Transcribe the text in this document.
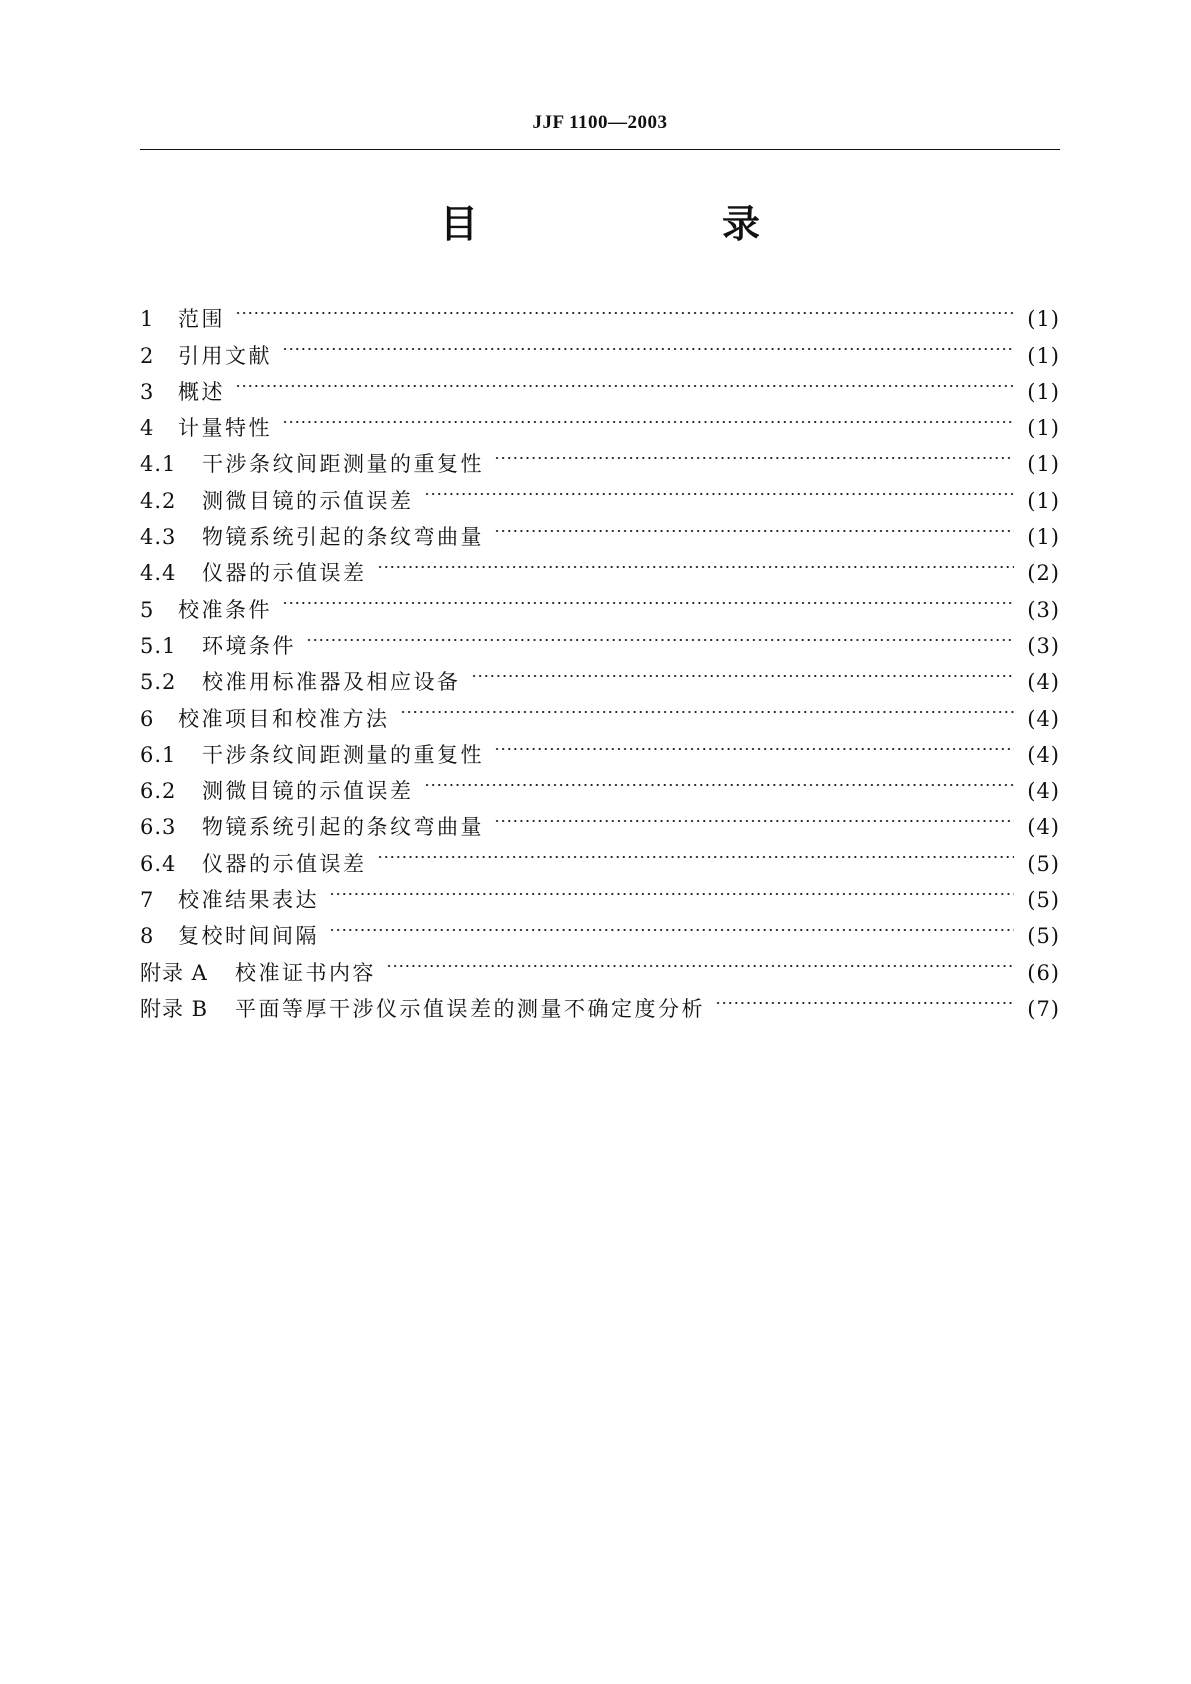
JJF 1100—2003
目　　录
1	范围	(1)
2	引用文献	(1)
3	概述	(1)
4	计量特性	(1)
4.1	干涉条纹间距测量的重复性	(1)
4.2	测微目镜的示值误差	(1)
4.3	物镜系统引起的条纹弯曲量	(1)
4.4	仪器的示值误差	(2)
5	校准条件	(3)
5.1	环境条件	(3)
5.2	校准用标准器及相应设备	(4)
6	校准项目和校准方法	(4)
6.1	干涉条纹间距测量的重复性	(4)
6.2	测微目镜的示值误差	(4)
6.3	物镜系统引起的条纹弯曲量	(4)
6.4	仪器的示值误差	(5)
7	校准结果表达	(5)
8	复校时间间隔	(5)
附录 A	校准证书内容	(6)
附录 B	平面等厚干涉仪示值误差的测量不确定度分析	(7)
